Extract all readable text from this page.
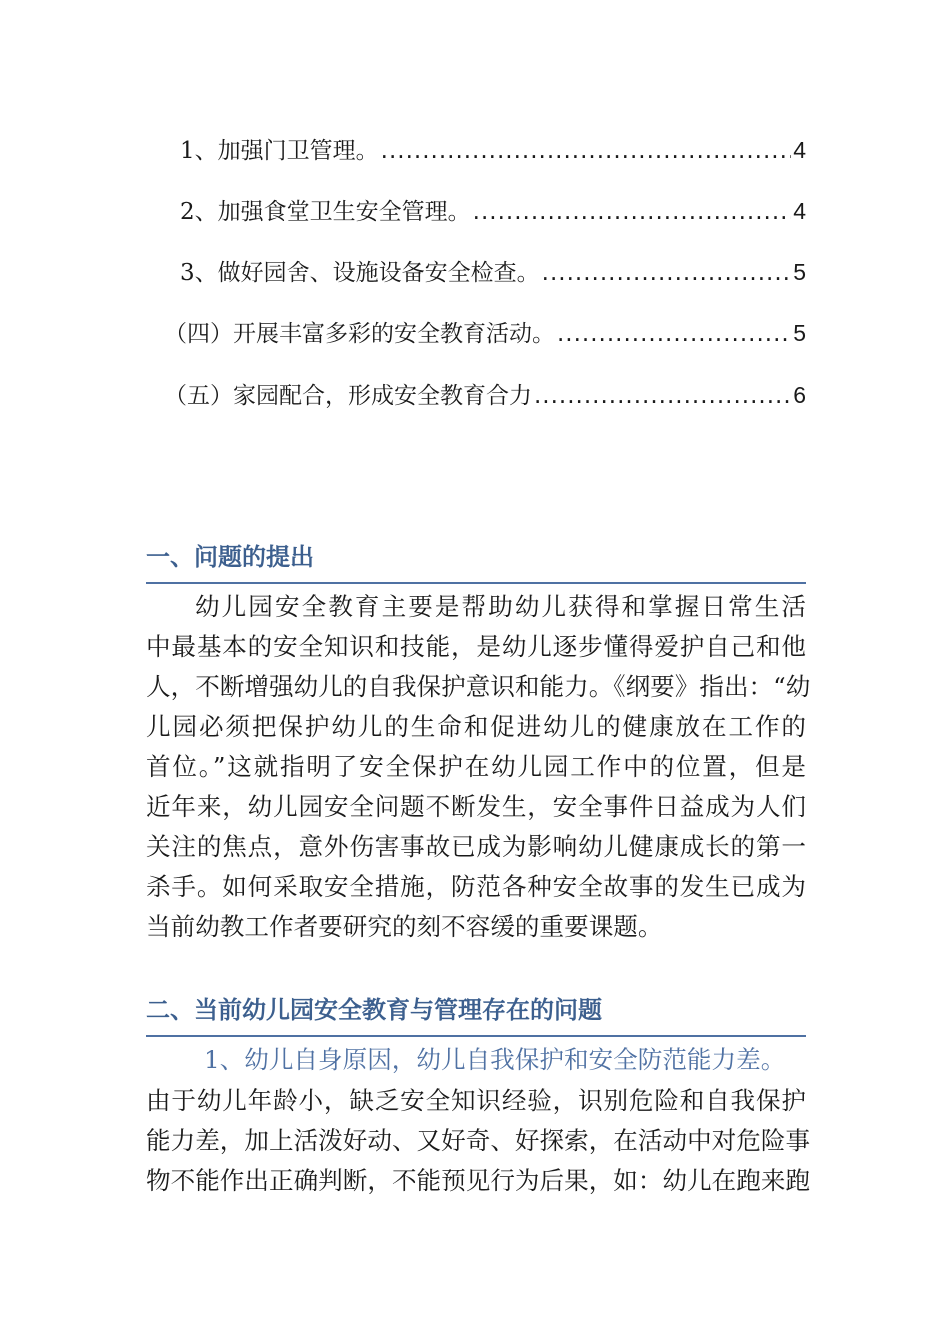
1、加强门卫管理。 .....	4
2、加强食堂卫生安全管理。 .....	4
3、做好园舍、设施设备安全检查。 .....	5
（四）开展丰富多彩的安全教育活动。 .....	5
（五）家园配合，形成安全教育合力 .....	6
一、问题的提出
幼儿园安全教育主要是帮助幼儿获得和掌握日常生活
中最基本的安全知识和技能，是幼儿逐步懂得爱护自己和他
人，不断增强幼儿的自我保护意识和能力。《纲要》指出：“幼
儿园必须把保护幼儿的生命和促进幼儿的健康放在工作的
首位。”这就指明了安全保护在幼儿园工作中的位置，但是
近年来，幼儿园安全问题不断发生，安全事件日益成为人们
关注的焦点，意外伤害事故已成为影响幼儿健康成长的第一
杀手。如何采取安全措施，防范各种安全故事的发生已成为
当前幼教工作者要研究的刻不容缓的重要课题。
二、当前幼儿园安全教育与管理存在的问题
1、幼儿自身原因，幼儿自我保护和安全防范能力差。
由于幼儿年龄小，缺乏安全知识经验，识别危险和自我保护
能力差，加上活泼好动、又好奇、好探索，在活动中对危险事
物不能作出正确判断，不能预见行为后果，如：幼儿在跑来跑
